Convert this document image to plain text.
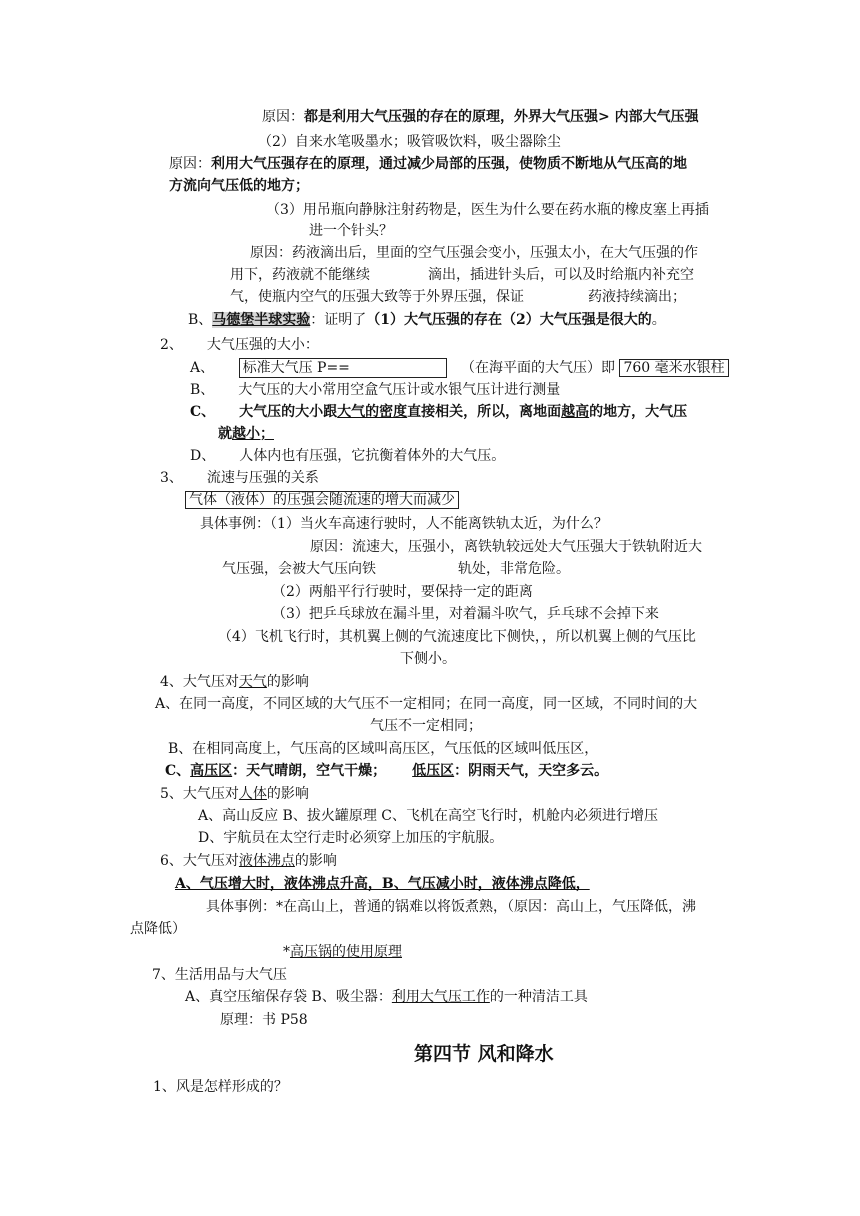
原因：都是利用大气压强的存在的原理，外界大气压强> 内部大气压强
（2）自来水笔吸墨水；吸管吸饮料，吸尘器除尘
原因：利用大气压强存在的原理，通过减少局部的压强，使物质不断地从气压高的地
方流向气压低的地方；
（3）用吊瓶向静脉注射药物是，医生为什么要在药水瓶的橡皮塞上再插
进一个针头？
原因：药液滴出后，里面的空气压强会变小，压强太小，在大气压强的作
用下，药液就不能继续	滴出，插进针头后，可以及时给瓶内补充空
气，使瓶内空气的压强大致等于外界压强，保证	药液持续滴出；
B、马德堡半球实验：证明了（1）大气压强的存在（2）大气压强是很大的。
2、 大气压强的大小：
A、 标准大气压 P==	（在海平面的大气压）即 760 毫米水银柱
B、 大气压的大小常用空盒气压计或水银气压计进行测量
C、 大气压的大小跟大气的密度直接相关，所以，离地面越高的地方，大气压
就越小；
D、 人体内也有压强，它抗衡着体外的大气压。
3、 流速与压强的关系
气体（液体）的压强会随流速的增大而减少
具体事例：（1）当火车高速行驶时，人不能离铁轨太近，为什么？
原因：流速大，压强小，离铁轨较远处大气压强大于铁轨附近大
气压强，会被大气压向铁	轨处，非常危险。
（2）两船平行行驶时，要保持一定的距离
（3）把乒乓球放在漏斗里，对着漏斗吹气，乒乓球不会掉下来
（4）飞机飞行时，其机翼上侧的气流速度比下侧快，，所以机翼上侧的气压比
下侧小。
4、大气压对天气的影响
A、在同一高度，不同区域的大气压不一定相同；在同一高度，同一区域，不同时间的大
气压不一定相同；
B、在相同高度上，气压高的区域叫高压区，气压低的区域叫低压区，
C、高压区：天气晴朗，空气干燥； 低压区：阴雨天气，天空多云。
5、大气压对人体的影响
A、高山反应 B、拔火罐原理 C、飞机在高空飞行时，机舱内必须进行增压
D、宇航员在太空行走时必须穿上加压的宇航服。
6、大气压对液体沸点的影响
A、气压增大时，液体沸点升高，B、气压减小时，液体沸点降低，
具体事例：*在高山上，普通的锅难以将饭煮熟，（原因：高山上，气压降低，沸
点降低）
*高压锅的使用原理
7、生活用品与大气压
A、真空压缩保存袋 B、吸尘器：利用大气压工作的一种清洁工具
原理：书 P58
第四节 风和降水
1、风是怎样形成的？
